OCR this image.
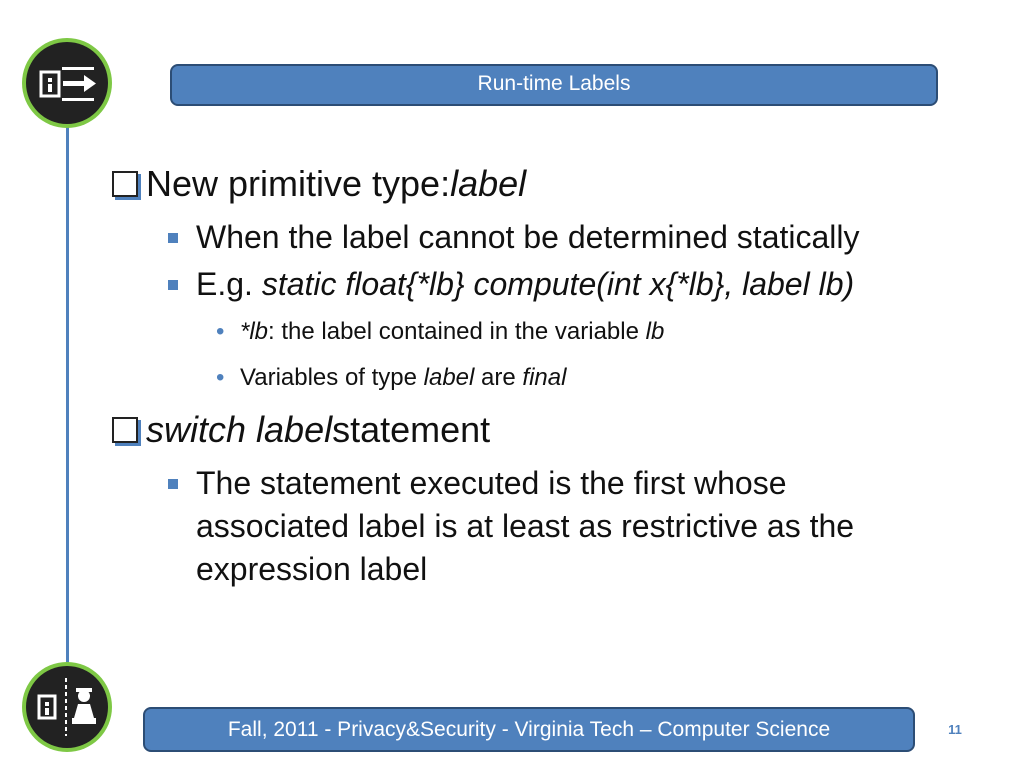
Run-time Labels
New primitive type: label
When the label cannot be determined statically
E.g. static float{*lb} compute(int x{*lb}, label lb)
• *lb: the label contained in the variable lb
• Variables of type label are final
switch label statement
The statement executed is the first whose
associated label is at least as restrictive as the
expression label
Fall, 2011 - Privacy&Security - Virginia Tech – Computer Science	11
